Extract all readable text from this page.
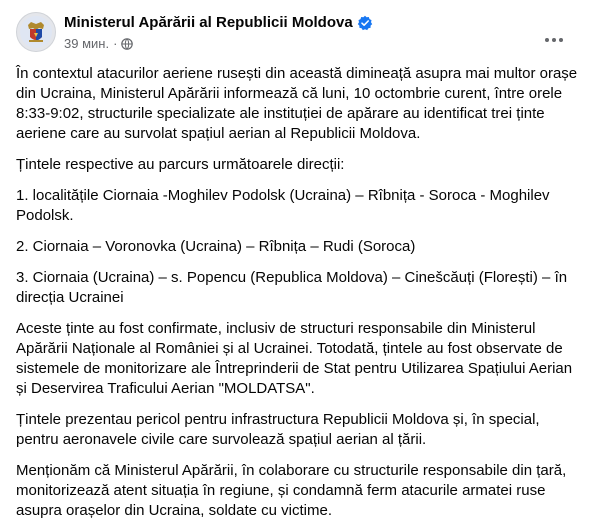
Ministerul Apărării al Republicii Moldova
39 мин. ·

În contextul atacurilor aeriene rusești din această dimineață asupra mai multor orașe din Ucraina, Ministerul Apărării informează că luni, 10 octombrie curent, între orele 8:33-9:02, structurile specializate ale instituției de apărare au identificat trei ținte aeriene care au survolat spațiul aerian al Republicii Moldova.

Țintele respective au parcurs următoarele direcții:

1. localitățile Ciornaia -Moghilev Podolsk (Ucraina) – Rîbnița - Soroca - Moghilev Podolsk.

2. Ciornaia – Voronovka (Ucraina) – Rîbnița – Rudi (Soroca)

3. Ciornaia (Ucraina) – s. Popencu (Republica Moldova) – Cinešcăuți (Florești) – în direcția Ucrainei

Aceste ținte au fost confirmate, inclusiv de structuri responsabile din Ministerul Apărării Naționale al României și al Ucrainei. Totodată, țintele au fost observate de sistemele de monitorizare ale Întreprinderii de Stat pentru Utilizarea Spațiului Aerian și Deservirea Traficului Aerian "MOLDATSA".

Țintele prezentau pericol pentru infrastructura Republicii Moldova și, în special, pentru aeronavele civile care survolează spațiul aerian al țării.

Menționăm că Ministerul Apărării, în colaborare cu structurile responsabile din țară, monitorizează atent situația în regiune, și condamnă ferm atacurile armatei ruse asupra orașelor din Ucraina, soldate cu victime.
